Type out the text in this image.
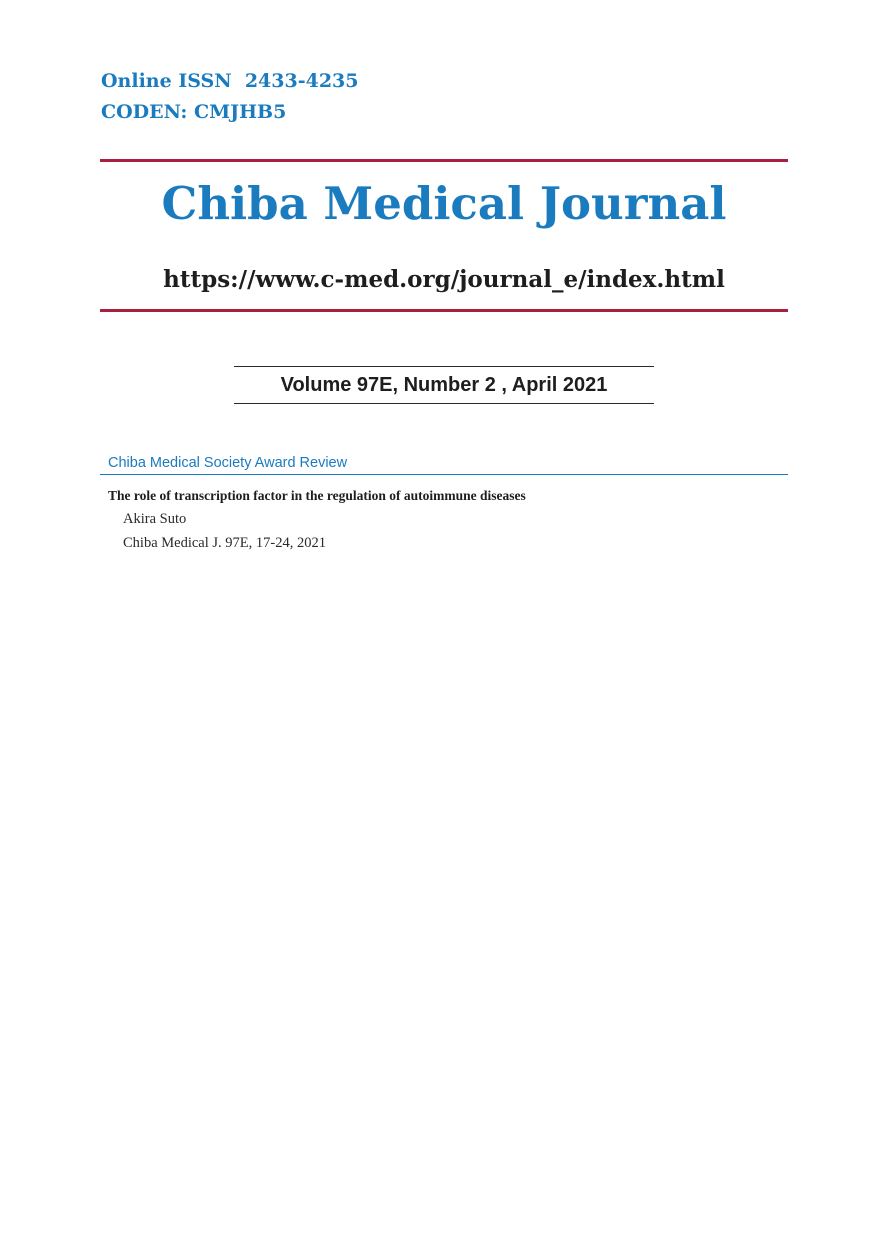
Online ISSN  2433-4235
CODEN: CMJHB5
Chiba Medical Journal
https://www.c-med.org/journal_e/index.html
Volume 97E, Number 2 , April 2021
Chiba Medical Society Award Review
The role of transcription factor in the regulation of autoimmune diseases
Akira Suto
Chiba Medical J. 97E, 17-24, 2021
